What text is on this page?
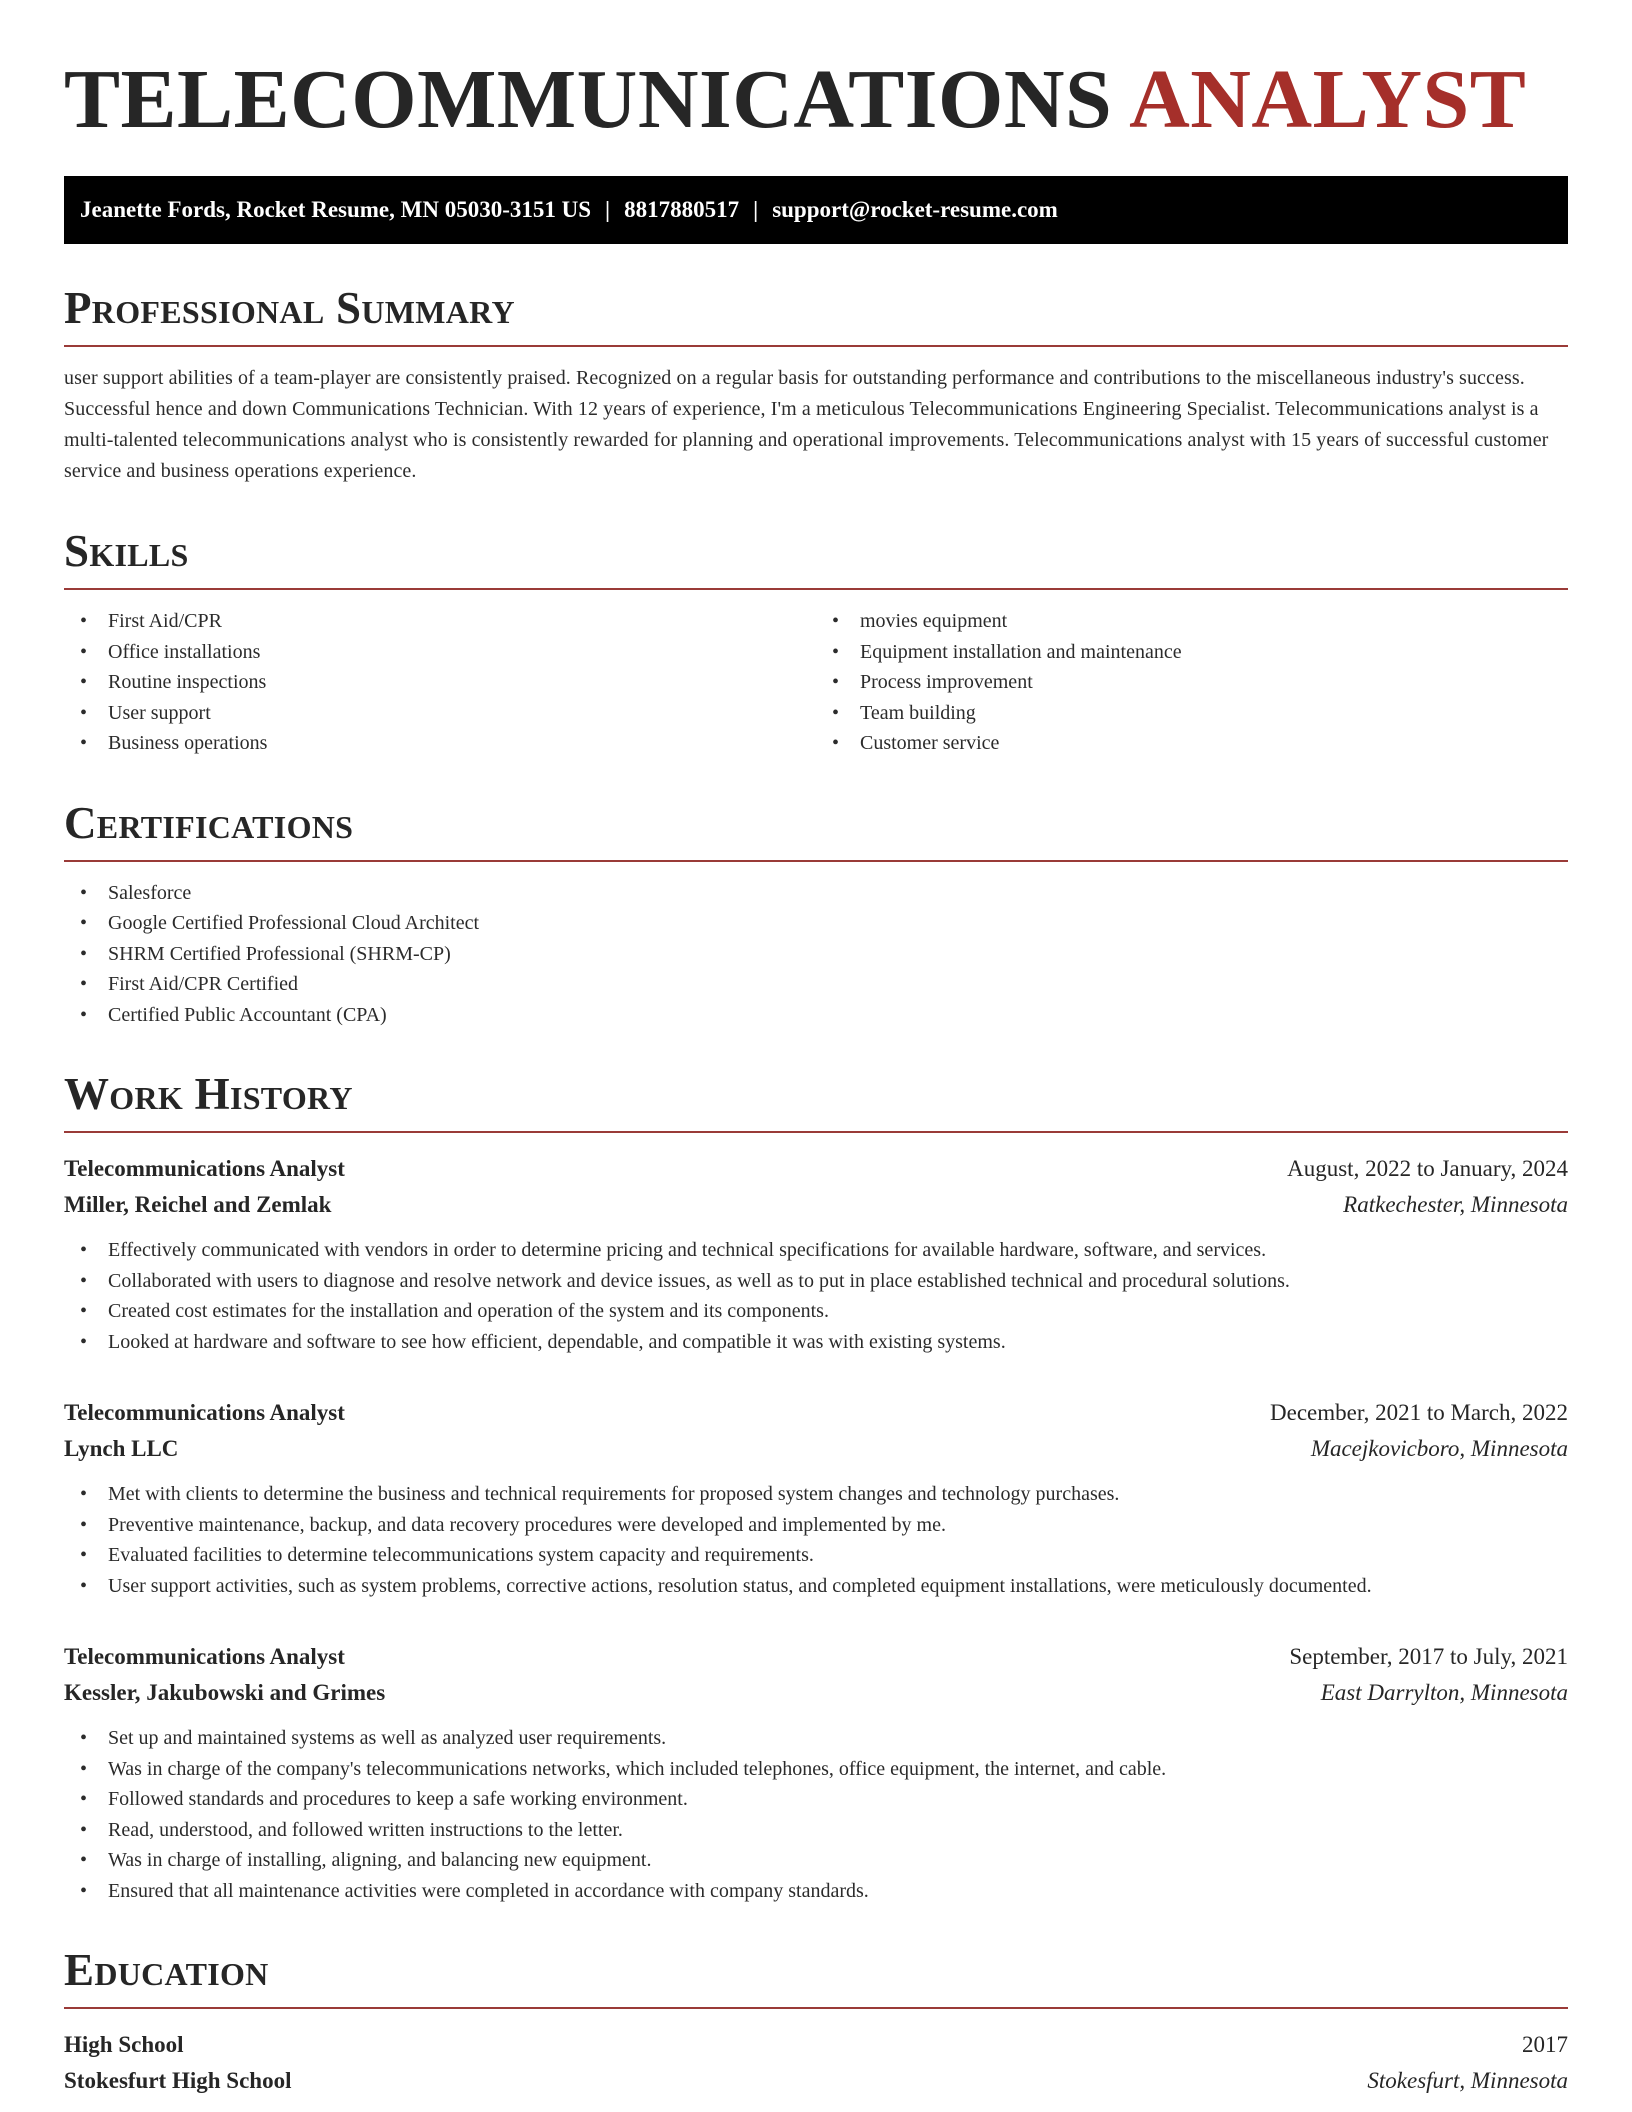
TELECOMMUNICATIONS ANALYST
Jeanette Fords, Rocket Resume, MN 05030-3151 US | 8817880517 | support@rocket-resume.com
Professional Summary

user support abilities of a team-player are consistently praised. Recognized on a regular basis for outstanding performance and contributions to the miscellaneous industry's success. Successful hence and down Communications Technician. With 12 years of experience, I'm a meticulous Telecommunications Engineering Specialist. Telecommunications analyst is a multi-talented telecommunications analyst who is consistently rewarded for planning and operational improvements. Telecommunications analyst with 15 years of successful customer service and business operations experience.

Skills
• First Aid/CPR
• Office installations
• Routine inspections
• User support
• Business operations
• movies equipment
• Equipment installation and maintenance
• Process improvement
• Team building
• Customer service
Certifications
• Salesforce
• Google Certified Professional Cloud Architect
• SHRM Certified Professional (SHRM-CP)
• First Aid/CPR Certified
• Certified Public Accountant (CPA)
Work History
Telecommunications Analyst	August, 2022 to January, 2024
Miller, Reichel and Zemlak	Ratkechester, Minnesota
• Effectively communicated with vendors in order to determine pricing and technical specifications for available hardware, software, and services.
• Collaborated with users to diagnose and resolve network and device issues, as well as to put in place established technical and procedural solutions.
• Created cost estimates for the installation and operation of the system and its components.
• Looked at hardware and software to see how efficient, dependable, and compatible it was with existing systems.
Telecommunications Analyst	December, 2021 to March, 2022
Lynch LLC	Macejkovicboro, Minnesota
• Met with clients to determine the business and technical requirements for proposed system changes and technology purchases.
• Preventive maintenance, backup, and data recovery procedures were developed and implemented by me.
• Evaluated facilities to determine telecommunications system capacity and requirements.
• User support activities, such as system problems, corrective actions, resolution status, and completed equipment installations, were meticulously documented.
Telecommunications Analyst	September, 2017 to July, 2021
Kessler, Jakubowski and Grimes	East Darrylton, Minnesota
• Set up and maintained systems as well as analyzed user requirements.
• Was in charge of the company's telecommunications networks, which included telephones, office equipment, the internet, and cable.
• Followed standards and procedures to keep a safe working environment.
• Read, understood, and followed written instructions to the letter.
• Was in charge of installing, aligning, and balancing new equipment.
• Ensured that all maintenance activities were completed in accordance with company standards.
Education
High School	2017
Stokesfurt High School	Stokesfurt, Minnesota
